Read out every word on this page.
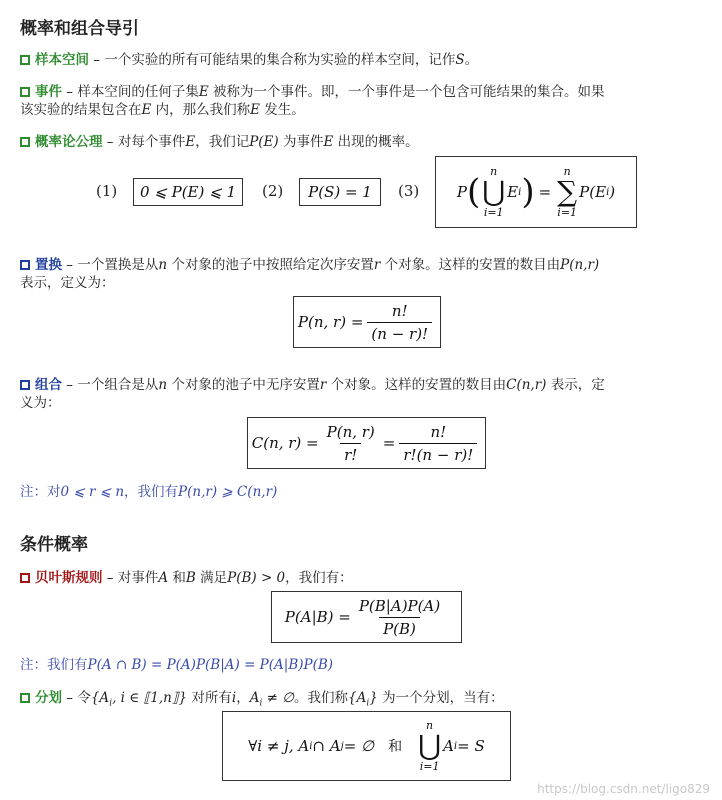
概率和组合导引
样本空间 – 一个实验的所有可能结果的集合称为实验的样本空间，记作S。
事件 – 样本空间的任何子集E 被称为一个事件。即，一个事件是一个包含可能结果的集合。如果
该实验的结果包含在E 内，那么我们称E 发生。
概率论公理 – 对每个事件E，我们记P(E) 为事件E 出现的概率。
(1)	0 ⩽ P(E) ⩽ 1	(2)	P(S) = 1	(3)	P (
n
⋃
i=1
E i ) =
n
∑
i=1
P(E i )
置换 – 一个置换是从n 个对象的池子中按照给定次序安置r 个对象。这样的安置的数目由P(n,r)
表示，定义为：
P(n, $r) = \frac{n!}{(n - r)!}$
组合 – 一个组合是从n 个对象的池子中无序安置r 个对象。这样的安置的数目由C(n,r) 表示，定
义为：
C(n, $r) = \frac{P(n, r)}{r!} = \frac{n!}{r!(n - r)!}$
注：对0 ⩽ r ⩽ n，我们有P(n,r) ⩾ C(n,r)
条件概率
贝叶斯规则 – 对事件A 和B 满足P(B) > 0，我们有：
$P(A|B) = \frac{P(B|A)P(A)}{P(B)}$
注：我们有P(A ∩ B) = P(A)P(B|A) = P(A|B)P(B)
分划 – 令{$A_i$, i ∈ ⟦1,n⟧} 对所有i，$A_i$ ≠ ∅。我们称$\{A_i\}$ 为一个分划，当有：
∀i ≠ j, A i ∩ A j = ∅ 和
n
⋃
i=1
A i = S
https://blog.csdn.net/ligo829
